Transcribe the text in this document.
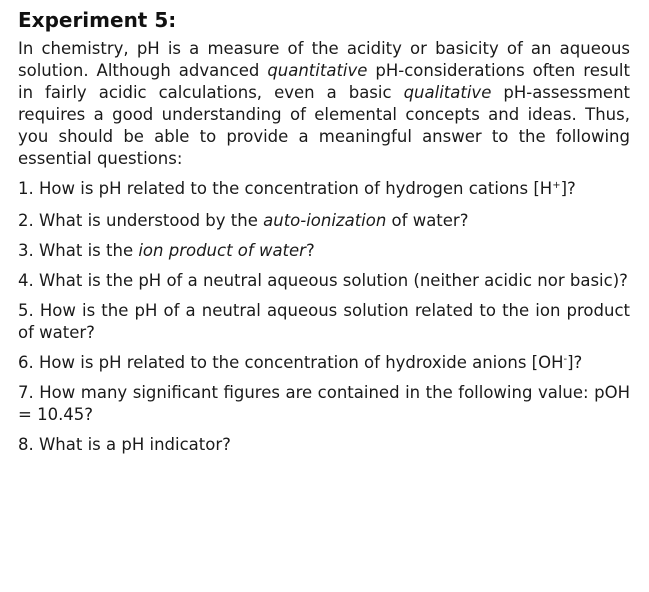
Experiment 5:

In chemistry, pH is a measure of the acidity or basicity of an aqueous solution. Although advanced quantitative pH-considerations often result in fairly acidic calculations, even a basic qualitative pH-assessment requires a good understanding of elemental concepts and ideas. Thus, you should be able to provide a meaningful answer to the following essential questions:

1. How is pH related to the concentration of hydrogen cations [H+]?

2. What is understood by the auto-ionization of water?

3. What is the ion product of water?

4. What is the pH of a neutral aqueous solution (neither acidic nor basic)?

5. How is the pH of a neutral aqueous solution related to the ion product of water?

6. How is pH related to the concentration of hydroxide anions [OH-]?

7. How many significant figures are contained in the following value: pOH = 10.45?

8. What is a pH indicator?
